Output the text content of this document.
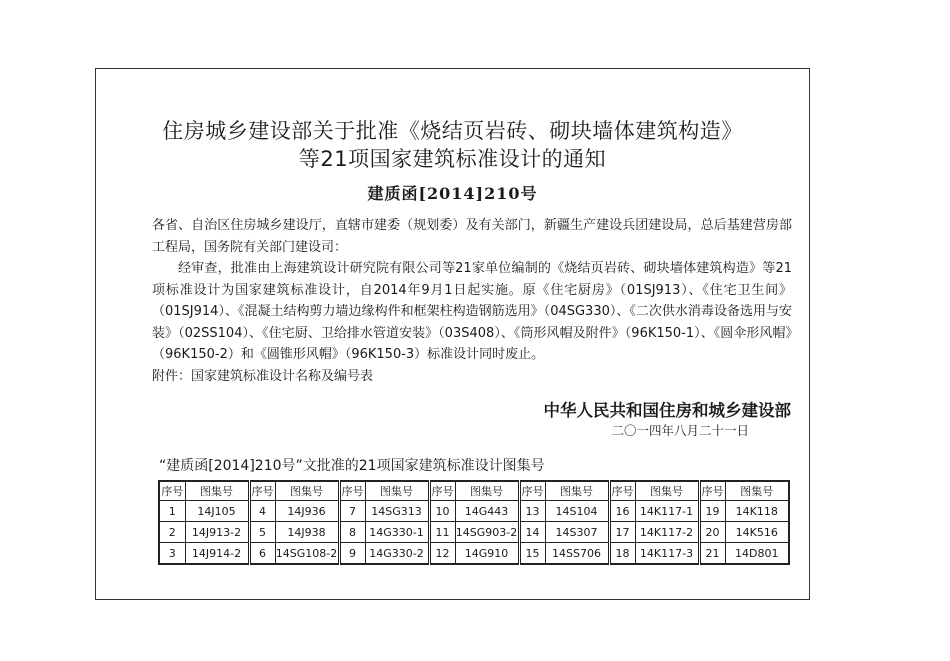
住房城乡建设部关于批准《烧结页岩砖、砌块墙体建筑构造》
等21项国家建筑标准设计的通知
建质函[2014]210号

各省、自治区住房城乡建设厅，直辖市建委（规划委）及有关部门，新疆生产建设兵团建设局，总后基建营房部工程局，国务院有关部门建设司：

经审查，批准由上海建筑设计研究院有限公司等21家单位编制的《烧结页岩砖、砌块墙体建筑构造》等21项标准设计为国家建筑标准设计，自2014年9月1日起实施。原《住宅厨房》（01SJ913）、《住宅卫生间》（01SJ914）、《混凝土结构剪力墙边缘构件和框架柱构造钢筋选用》（04SG330）、《二次供水消毒设备选用与安装》（02SS104）、《住宅厨、卫给排水管道安装》（03S408）、《筒形风帽及附件》（96K150-1）、《圆伞形风帽》（96K150-2）和《圆锥形风帽》（96K150-3）标准设计同时废止。

附件：国家建筑标准设计名称及编号表

中华人民共和国住房和城乡建设部
二〇一四年八月二十一日
“建质函[2014]210号”文批准的21项国家建筑标准设计图集号
序号	图集号	序号	图集号	序号	图集号	序号	图集号	序号	图集号	序号	图集号	序号	图集号
1	14J105	4	14J936	7	14SG313	10	14G443	13	14S104	16	14K117-1	19	14K118
2	14J913-2	5	14J938	8	14G330-1	11	14SG903-2	14	14S307	17	14K117-2	20	14K516
3	14J914-2	6	14SG108-2	9	14G330-2	12	14G910	15	14SS706	18	14K117-3	21	14D801
